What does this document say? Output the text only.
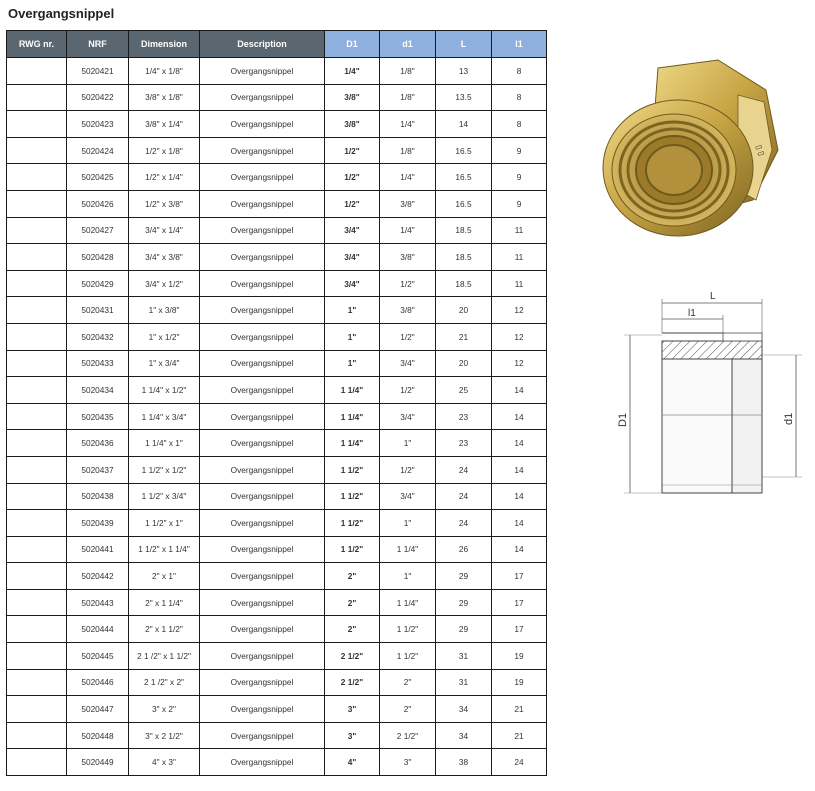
Overgangsnippel
RWG nr.	NRF	Dimension	Description	D1	d1	L	l1
	5020421	1/4" x 1/8"	Overgangsnippel	1/4"	1/8"	13	8
	5020422	3/8" x 1/8"	Overgangsnippel	3/8"	1/8"	13.5	8
	5020423	3/8" x 1/4"	Overgangsnippel	3/8"	1/4"	14	8
	5020424	1/2" x 1/8"	Overgangsnippel	1/2"	1/8"	16.5	9
	5020425	1/2" x 1/4"	Overgangsnippel	1/2"	1/4"	16.5	9
	5020426	1/2" x 3/8"	Overgangsnippel	1/2"	3/8"	16.5	9
	5020427	3/4" x 1/4"	Overgangsnippel	3/4"	1/4"	18.5	11
	5020428	3/4" x 3/8"	Overgangsnippel	3/4"	3/8"	18.5	11
	5020429	3/4" x 1/2"	Overgangsnippel	3/4"	1/2"	18.5	11
	5020431	1" x 3/8"	Overgangsnippel	1"	3/8"	20	12
	5020432	1" x 1/2"	Overgangsnippel	1"	1/2"	21	12
	5020433	1" x 3/4"	Overgangsnippel	1"	3/4"	20	12
	5020434	1 1/4" x 1/2"	Overgangsnippel	1 1/4"	1/2"	25	14
	5020435	1 1/4" x 3/4"	Overgangsnippel	1 1/4"	3/4"	23	14
	5020436	1 1/4" x 1"	Overgangsnippel	1 1/4"	1"	23	14
	5020437	1 1/2" x 1/2"	Overgangsnippel	1 1/2"	1/2"	24	14
	5020438	1 1/2" x 3/4"	Overgangsnippel	1 1/2"	3/4"	24	14
	5020439	1 1/2" x 1"	Overgangsnippel	1 1/2"	1"	24	14
	5020441	1 1/2" x 1 1/4"	Overgangsnippel	1 1/2"	1 1/4"	26	14
	5020442	2" x 1"	Overgangsnippel	2"	1"	29	17
	5020443	2" x 1 1/4"	Overgangsnippel	2"	1 1/4"	29	17
	5020444	2" x 1 1/2"	Overgangsnippel	2"	1 1/2"	29	17
	5020445	2 1 /2" x 1 1/2"	Overgangsnippel	2 1/2"	1 1/2"	31	19
	5020446	2 1 /2" x 2"	Overgangsnippel	2 1/2"	2"	31	19
	5020447	3" x 2"	Overgangsnippel	3"	2"	34	21
	5020448	3" x 2 1/2"	Overgangsnippel	3"	2 1/2"	34	21
	5020449	4" x 3"	Overgangsnippel	4"	3"	38	24
▯ ▯
L
l1
D1	d1
